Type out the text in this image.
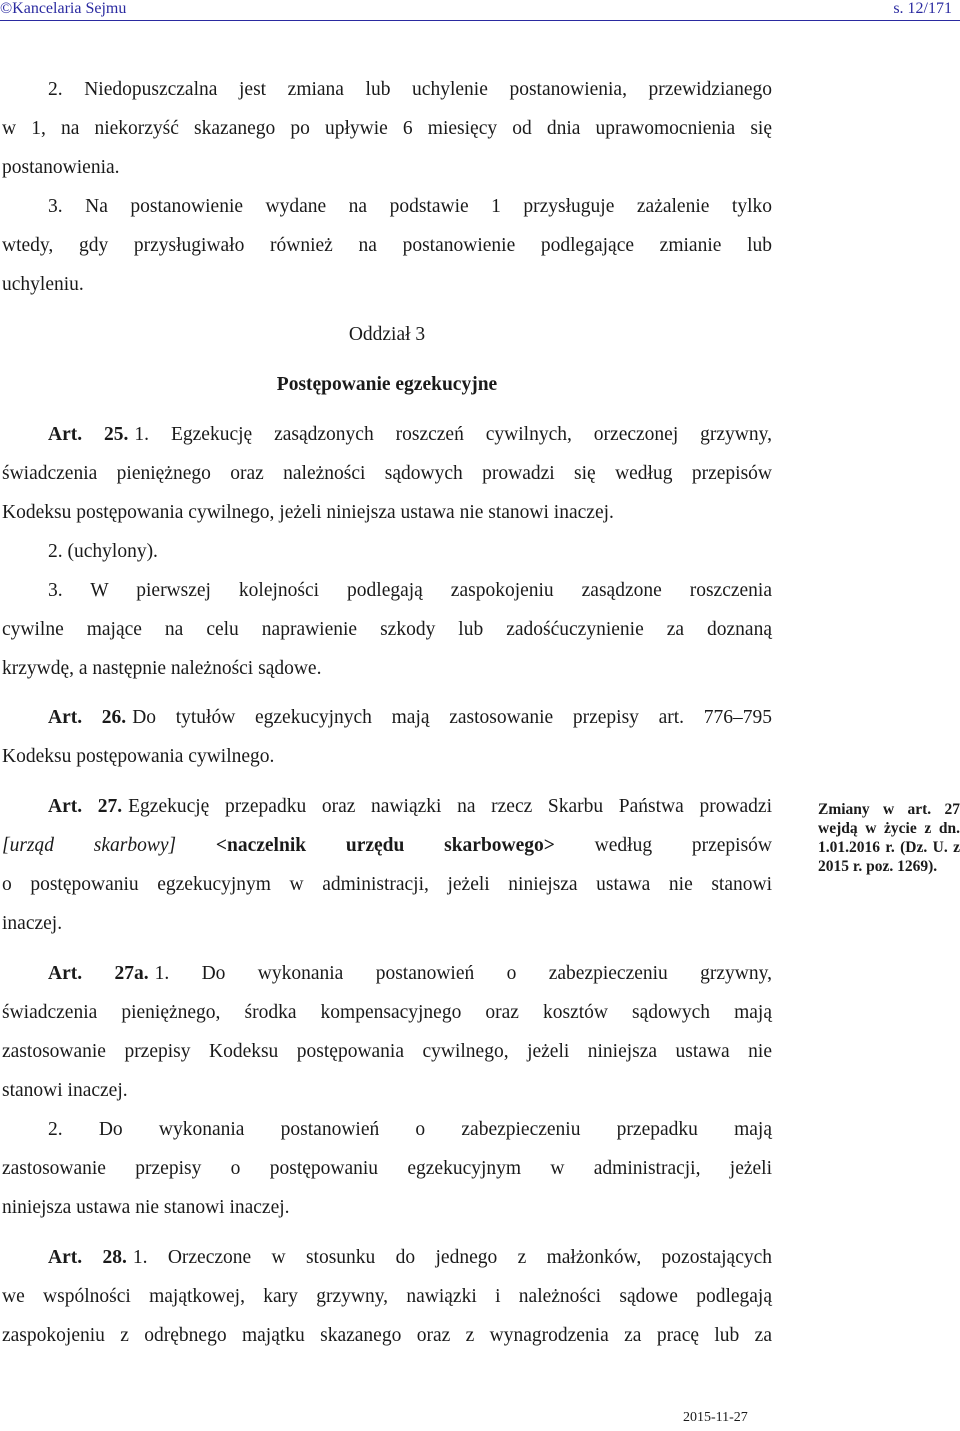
©Kancelaria Sejmu	s. 12/171
2. Niedopuszczalna jest zmiana lub uchylenie postanowienia, przewidzianego
w 1, na niekorzyść skazanego po upływie 6 miesięcy od dnia uprawomocnienia się
postanowienia.
3. Na postanowienie wydane na podstawie 1 przysługuje zażalenie tylko
wtedy, gdy przysługiwało również na postanowienie podlegające zmianie lub
uchyleniu.
Oddział 3
Postępowanie egzekucyjne
Art. 25. 1. Egzekucję zasądzonych roszczeń cywilnych, orzeczonej grzywny,
świadczenia pieniężnego oraz należności sądowych prowadzi się według przepisów
Kodeksu postępowania cywilnego, jeżeli niniejsza ustawa nie stanowi inaczej.
2. (uchylony).
3. W pierwszej kolejności podlegają zaspokojeniu zasądzone roszczenia
cywilne mające na celu naprawienie szkody lub zadośćuczynienie za doznaną
krzywdę, a następnie należności sądowe.
Art. 26. Do tytułów egzekucyjnych mają zastosowanie przepisy art. 776–795
Kodeksu postępowania cywilnego.
Art. 27. Egzekucję przepadku oraz nawiązki na rzecz Skarbu Państwa prowadzi
[urząd skarbowy] <naczelnik urzędu skarbowego> według przepisów
o postępowaniu egzekucyjnym w administracji, jeżeli niniejsza ustawa nie stanowi
inaczej.
Zmiany w art. 27 wejdą w życie z dn. 1.01.2016 r. (Dz. U. z 2015 r. poz. 1269).
Art. 27a. 1. Do wykonania postanowień o zabezpieczeniu grzywny,
świadczenia pieniężnego, środka kompensacyjnego oraz kosztów sądowych mają
zastosowanie przepisy Kodeksu postępowania cywilnego, jeżeli niniejsza ustawa nie
stanowi inaczej.
2. Do wykonania postanowień o zabezpieczeniu przepadku mają
zastosowanie przepisy o postępowaniu egzekucyjnym w administracji, jeżeli
niniejsza ustawa nie stanowi inaczej.
Art. 28. 1. Orzeczone w stosunku do jednego z małżonków, pozostających
we wspólności majątkowej, kary grzywny, nawiązki i należności sądowe podlegają
zaspokojeniu z odrębnego majątku skazanego oraz z wynagrodzenia za pracę lub za
2015-11-27
